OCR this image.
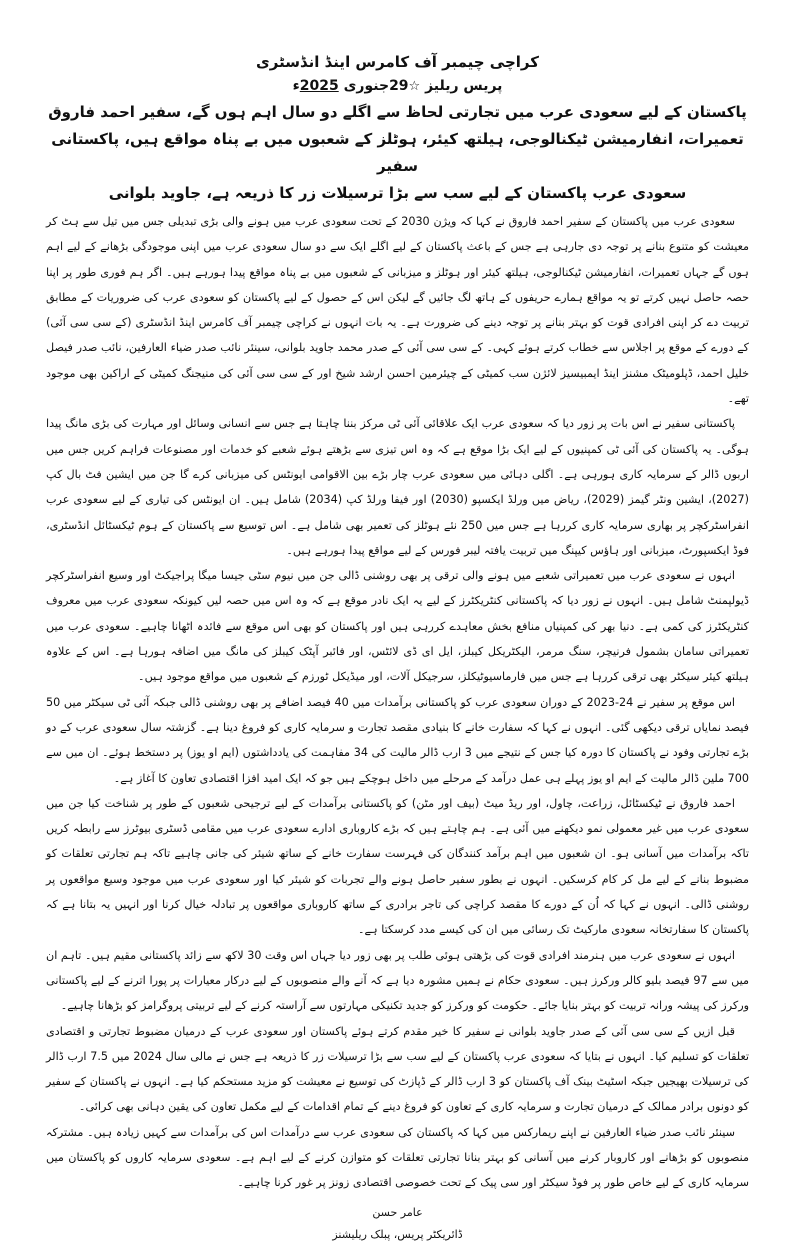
کراچی چیمبر آف کامرس اینڈ انڈسٹری
پریس ریلیز ☆29جنوری 2025ء
پاکستان کے لیے سعودی عرب میں تجارتی لحاظ سے اگلے دو سال اہم ہوں گے، سفیر احمد فاروق
تعمیرات، انفارمیشن ٹیکنالوجی، ہیلتھ کیئر، ہوٹلز کے شعبوں میں بے پناہ مواقع ہیں، پاکستانی سفیر
سعودی عرب پاکستان کے لیے سب سے بڑا ترسیلات زر کا ذریعہ ہے، جاوید بلوانی

سعودی عرب میں پاکستان کے سفیر احمد فاروق نے کہا کہ ویژن 2030 کے تحت سعودی عرب میں ہونے والی بڑی تبدیلی جس میں تیل سے ہٹ کر معیشت کو متنوع بنانے پر توجہ دی جارہی ہے جس کے باعث پاکستان کے لیے اگلے ایک سے دو سال سعودی عرب میں اپنی موجودگی بڑھانے کے لیے اہم ہوں گے جہاں تعمیرات، انفارمیشن ٹیکنالوجی، ہیلتھ کیئر اور ہوٹلز و میزبانی کے شعبوں میں بے پناہ مواقع پیدا ہورہے ہیں۔ اگر ہم فوری طور پر اپنا حصہ حاصل نہیں کرتے تو یہ مواقع ہمارے حریفوں کے ہاتھ لگ جائیں گے لیکن اس کے حصول کے لیے پاکستان کو سعودی عرب کی ضروریات کے مطابق تربیت دے کر اپنی افرادی قوت کو بہتر بنانے پر توجہ دینے کی ضرورت ہے۔ یہ بات انہوں نے کراچی چیمبر آف کامرس اینڈ انڈسٹری (کے سی سی آئی) کے دورے کے موقع پر اجلاس سے خطاب کرتے ہوئے کہی۔ کے سی سی آئی کے صدر محمد جاوید بلوانی، سینئر نائب صدر ضیاء العارفین، نائب صدر فیصل خلیل احمد، ڈپلومیٹک مشنز اینڈ ایمبیسیز لائژن سب کمیٹی کے چیئرمین احسن ارشد شیخ اور کے سی سی آئی کی منیجنگ کمیٹی کے اراکین بھی موجود تھے۔

پاکستانی سفیر نے اس بات پر زور دیا کہ سعودی عرب ایک علاقائی آئی ٹی مرکز بننا چاہتا ہے جس سے انسانی وسائل اور مہارت کی بڑی مانگ پیدا ہوگی۔ یہ پاکستان کی آئی ٹی کمپنیوں کے لیے ایک بڑا موقع ہے کہ وہ اس تیزی سے بڑھتے ہوئے شعبے کو خدمات اور مصنوعات فراہم کریں جس میں اربوں ڈالر کے سرمایہ کاری ہورہی ہے۔ اگلی دہائی میں سعودی عرب چار بڑے بین الاقوامی ایونٹس کی میزبانی کرے گا جن میں ایشین فٹ بال کپ (2027)، ایشین ونٹر گیمز (2029)، ریاض میں ورلڈ ایکسپو (2030) اور فیفا ورلڈ کپ (2034) شامل ہیں۔ ان ایونٹس کی تیاری کے لیے سعودی عرب انفراسٹرکچر پر بھاری سرمایہ کاری کررہا ہے جس میں 250 نئے ہوٹلز کی تعمیر بھی شامل ہے۔ اس توسیع سے پاکستان کے ہوم ٹیکسٹائل انڈسٹری، فوڈ ایکسپورٹ، میزبانی اور ہاؤس کیپنگ میں تربیت یافتہ لیبر فورس کے لیے مواقع پیدا ہورہے ہیں۔

انہوں نے سعودی عرب میں تعمیراتی شعبے میں ہونے والی ترقی پر بھی روشنی ڈالی جن میں نیوم سٹی جیسا میگا پراجیکٹ اور وسیع انفراسٹرکچر ڈیولپمنٹ شامل ہیں۔ انہوں نے زور دیا کہ پاکستانی کنٹریکٹرز کے لیے یہ ایک نادر موقع ہے کہ وہ اس میں حصہ لیں کیونکہ سعودی عرب میں معروف کنٹریکٹرز کی کمی ہے۔ دنیا بھر کی کمپنیاں منافع بخش معاہدے کررہی ہیں اور پاکستان کو بھی اس موقع سے فائدہ اٹھانا چاہیے۔ سعودی عرب میں تعمیراتی سامان بشمول فرنیچر، سنگ مرمر، الیکٹریکل کیبلز، ایل ای ڈی لائٹس، اور فائبر آپٹک کیبلز کی مانگ میں اضافہ ہورہا ہے۔ اس کے علاوہ ہیلتھ کیئر سیکٹر بھی ترقی کررہا ہے جس میں فارماسیوٹیکلز، سرجیکل آلات، اور میڈیکل ٹورزم کے شعبوں میں مواقع موجود ہیں۔

اس موقع پر سفیر نے 24-2023 کے دوران سعودی عرب کو پاکستانی برآمدات میں 40 فیصد اضافے پر بھی روشنی ڈالی جبکہ آئی ٹی سیکٹر میں 50 فیصد نمایاں ترقی دیکھی گئی۔ انہوں نے کہا کہ سفارت خانے کا بنیادی مقصد تجارت و سرمایہ کاری کو فروغ دینا ہے۔ گزشتہ سال سعودی عرب کے دو بڑے تجارتی وفود نے پاکستان کا دورہ کیا جس کے نتیجے میں 3 ارب ڈالر مالیت کی 34 مفاہمت کی یادداشتوں (ایم او یوز) پر دستخط ہوئے۔ ان میں سے 700 ملین ڈالر مالیت کے ایم او یوز پہلے ہی عمل درآمد کے مرحلے میں داخل ہوچکے ہیں جو کہ ایک امید افزا اقتصادی تعاون کا آغاز ہے۔

احمد فاروق نے ٹیکسٹائل، زراعت، چاول، اور ریڈ میٹ (بیف اور مٹن) کو پاکستانی برآمدات کے لیے ترجیحی شعبوں کے طور پر شناخت کیا جن میں سعودی عرب میں غیر معمولی نمو دیکھنے میں آئی ہے۔ ہم چاہتے ہیں کہ بڑے کاروباری ادارے سعودی عرب میں مقامی ڈسٹری بیوٹرز سے رابطہ کریں تاکہ برآمدات میں آسانی ہو۔ ان شعبوں میں اہم برآمد کنندگان کی فہرست سفارت خانے کے ساتھ شیئر کی جانی چاہیے تاکہ ہم تجارتی تعلقات کو مضبوط بنانے کے لیے مل کر کام کرسکیں۔ انہوں نے بطور سفیر حاصل ہونے والے تجربات کو شیئر کیا اور سعودی عرب میں موجود وسیع مواقعوں پر روشنی ڈالی۔ انہوں نے کہا کہ اُن کے دورے کا مقصد کراچی کی تاجر برادری کے ساتھ کاروباری مواقعوں پر تبادلہ خیال کرنا اور انہیں یہ بتانا ہے کہ پاکستان کا سفارتخانہ سعودی مارکیٹ تک رسائی میں ان کی کیسے مدد کرسکتا ہے۔

انہوں نے سعودی عرب میں ہنرمند افرادی قوت کی بڑھتی ہوئی طلب پر بھی زور دیا جہاں اس وقت 30 لاکھ سے زائد پاکستانی مقیم ہیں۔ تاہم ان میں سے 97 فیصد بلیو کالر ورکرز ہیں۔ سعودی حکام نے ہمیں مشورہ دیا ہے کہ آنے والے منصوبوں کے لیے درکار معیارات پر پورا اترنے کے لیے پاکستانی ورکرز کی پیشہ ورانہ تربیت کو بہتر بنایا جائے۔ حکومت کو ورکرز کو جدید تکنیکی مہارتوں سے آراستہ کرنے کے لیے تربیتی پروگرامز کو بڑھانا چاہیے۔

قبل ازیں کے سی سی آئی کے صدر جاوید بلوانی نے سفیر کا خیر مقدم کرتے ہوئے پاکستان اور سعودی عرب کے درمیان مضبوط تجارتی و اقتصادی تعلقات کو تسلیم کیا۔ انہوں نے بتایا کہ سعودی عرب پاکستان کے لیے سب سے بڑا ترسیلات زر کا ذریعہ ہے جس نے مالی سال 2024 میں 7.5 ارب ڈالر کی ترسیلات بھیجیں جبکہ اسٹیٹ بینک آف پاکستان کو 3 ارب ڈالر کے ڈپازٹ کی توسیع نے معیشت کو مزید مستحکم کیا ہے۔ انہوں نے پاکستان کے سفیر کو دونوں برادر ممالک کے درمیان تجارت و سرمایہ کاری کے تعاون کو فروغ دینے کے تمام اقدامات کے لیے مکمل تعاون کی یقین دہانی بھی کرائی۔

سینئر نائب صدر ضیاء العارفین نے اپنے ریمارکس میں کہا کہ پاکستان کی سعودی عرب سے درآمدات اس کی برآمدات سے کہیں زیادہ ہیں۔ مشترکہ منصوبوں کو بڑھانے اور کاروبار کرنے میں آسانی کو بہتر بنانا تجارتی تعلقات کو متوازن کرنے کے لیے اہم ہے۔ سعودی سرمایہ کاروں کو پاکستان میں سرمایہ کاری کے لیے خاص طور پر فوڈ سیکٹر اور سی پیک کے تحت خصوصی اقتصادی زونز پر غور کرنا چاہیے۔

عامر حسن
ڈائریکٹر پریس، پبلک ریلیشنز
